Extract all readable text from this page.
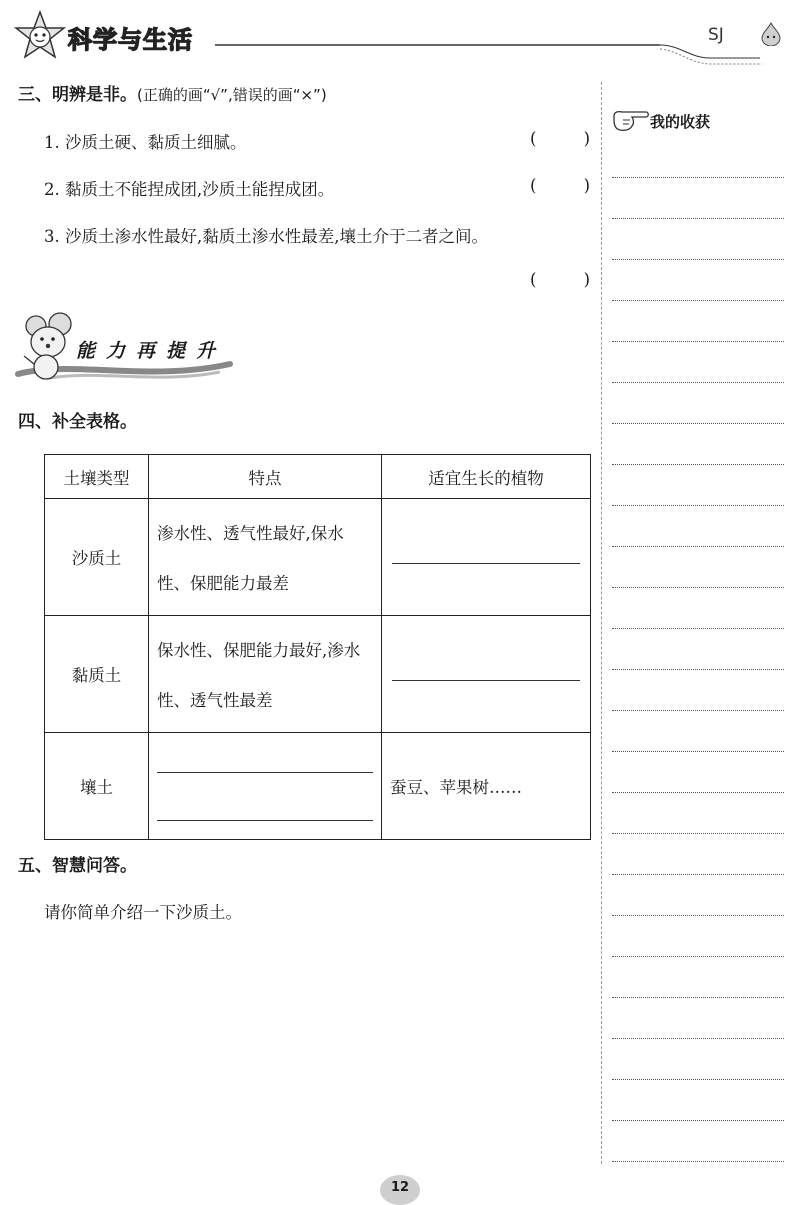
科学与生活	SJ
三、明辨是非。(正确的画“√”,错误的画“×”)
1. 沙质土硬、黏质土细腻。	(	)
2. 黏质土不能捏成团,沙质土能捏成团。	(	)
3. 沙质土渗水性最好,黏质土渗水性最差,壤土介于二者之间。
(	)
能力再提升
四、补全表格。
土壤类型	特点	适宜生长的植物
沙质土	渗水性、透气性最好,保水性、保肥能力最差	

黏质土	保水性、保肥能力最好,渗水性、透气性最差	

壤土		蚕豆、苹果树……
五、智慧问答。
请你简单介绍一下沙质土。
我的收获
12
